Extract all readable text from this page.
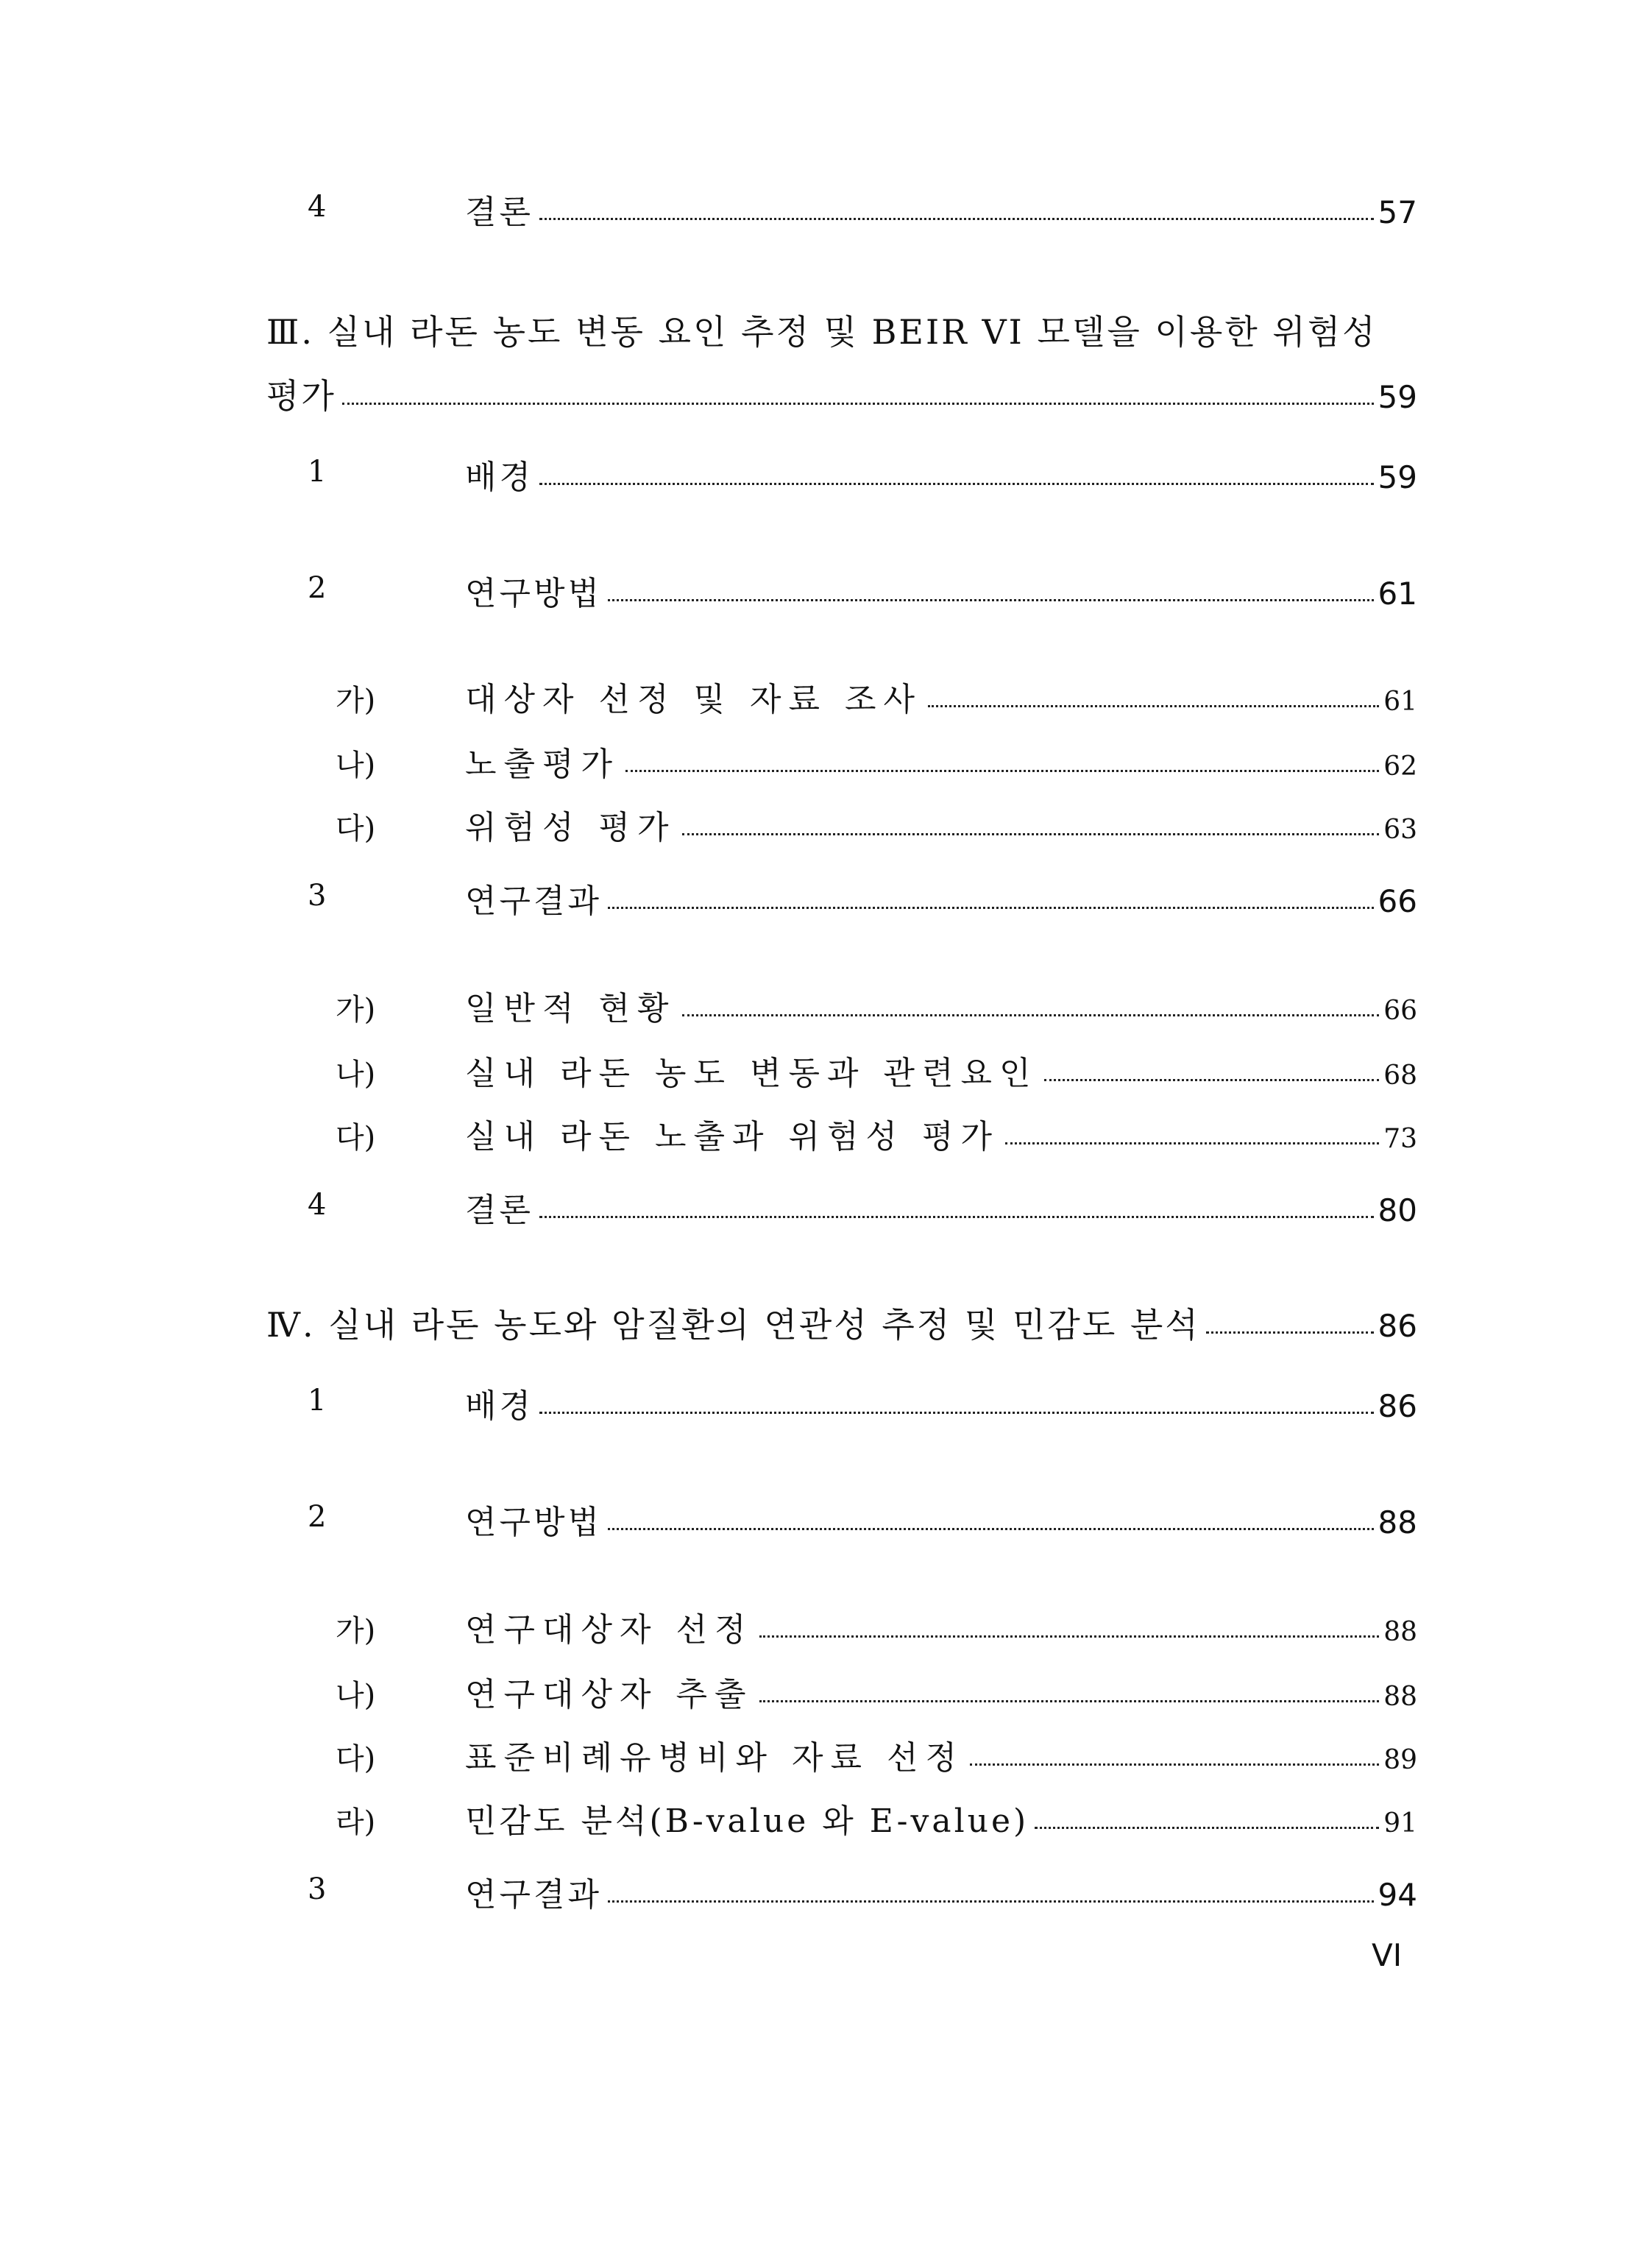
4	결론	57
Ⅲ. 실내 라돈 농도 변동 요인 추정 및 BEIR VI 모델을 이용한 위험성
평가	59
1	배경	59
2	연구방법	61
가)	대상자 선정 및 자료 조사	61
나)	노출평가	62
다)	위험성 평가	63
3	연구결과	66
가)	일반적 현황	66
나)	실내 라돈 농도 변동과 관련요인	68
다)	실내 라돈 노출과 위험성 평가	73
4	결론	80
Ⅳ. 실내 라돈 농도와 암질환의 연관성 추정 및 민감도 분석	86
1	배경	86
2	연구방법	88
가)	연구대상자 선정	88
나)	연구대상자 추출	88
다)	표준비례유병비와 자료 선정	89
라)	민감도 분석(B-value 와 E-value)	91
3	연구결과	94
VI
